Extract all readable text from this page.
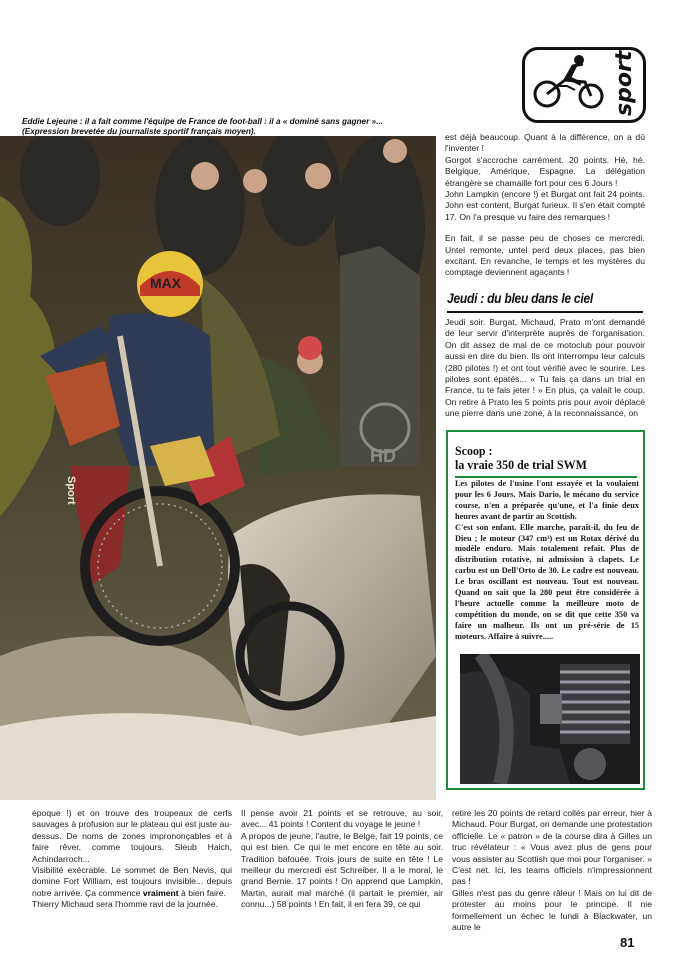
sport
Eddie Lejeune : il a fait comme l'équipe de France de foot-ball : il a « dominé sans gagner »...
(Expression brevetée du journaliste sportif français moyen).
MAX
Sport
HD

est déjà beaucoup. Quant à la différence, on a dû l'inventer !

Gorgot s'accroche carrément. 20 points. Hé, hé. Belgique, Amérique, Espagne. La délégation étrangère se chamaille fort pour ces 6 Jours !

John Lampkin (encore !) et Burgat ont fait 24 points. John est content, Burgat furieux. Il s'en était compté 17. On l'a presque vu faire des remarques !

En fait, il se passe peu de choses ce mercredi. Untel remonte, untel perd deux places, pas bien excitant. En revanche, le temps et les mystères du comptage deviennent agaçants !

Jeudi : du bleu dans le ciel

Jeudi soir. Burgat, Michaud, Prato m'ont demandé de leur servir d'interprète auprès de l'organisation. On dit assez de mal de ce motoclub pour pouvoir aussi en dire du bien. Ils ont interrompu leur calculs (280 pilotes !) et ont tout vérifié avec le sourire. Les pilotes sont épatés... « Tu fais ça dans un trial en France, tu te fais jeter ! » En plus, ça valait le coup. On retire à Prato les 5 points pris pour avoir déplacé une pierre dans une zone, à la reconnaissance, on

Scoop :
la vraie 350 de trial SWM
Les pilotes de l'usine l'ont essayée et la voulaient pour les 6 Jours. Mais Dario, le mécano du service course, n'en a préparée qu'une, et l'a finie deux heures avant de partir au Scottish.
C'est son enfant. Elle marche, paraît-il, du feu de Dieu ; le moteur (347 cm³) est un Rotax dérivé du modèle enduro. Mais totalement refait. Plus de distribution rotative, ni admission à clapets. Le carbu est un Dell'Orto de 30. Le cadre est nouveau. Le bras oscillant est nouveau. Tout est nouveau. Quand on sait que la 280 peut être considérée à l'heure actuelle comme la meilleure moto de compétition du monde, on se dit que cette 350 va faire un malheur. Ils ont un pré-série de 15 moteurs. Affaire à suivre.....

époque !) et on trouve des troupeaux de cerfs sauvages à profusion sur le plateau qui est juste au-dessus. De noms de zones imprononçables et à faire rêver, comme toujours. Sleub Haich, Achindarroch...

Visibilité exécrable. Le sommet de Ben Nevis, qui domine Fort William, est toujours invisible... depuis notre arrivée. Ça commence vraiment à bien faire.

Thierry Michaud sera l'homme ravi de la journée.

Il pense avoir 21 points et se retrouve, au soir, avec... 41 points ! Content du voyage le jeune !

A propos de jeune, l'autre, le Belge, fait 19 points, ce qui est bien. Ce qui le met encore en tête au soir. Tradition bafouée. Trois jours de suite en tête ! Le meilleur du mercredi est Schreiber. Il a le moral, le grand Bernie. 17 points ! On apprend que Lampkin, Martin, aurait mal marché (il partait le premier, air connu...) 58 points ! En fait, il en fera 39, ce qui

retire les 20 points de retard collés par erreur, hier à Michaud. Pour Burgat, on demande une protestation officielle. Le « patron » de la course dira à Gilles un truc révélateur : « Vous avez plus de gens pour vous assister au Scottish que moi pour l'organiser. » C'est net. Ici, les teams officiels n'impressionnent pas !

Gilles n'est pas du genre râleur ! Mais on lui dit de protester au moins pour le principe. Il nie formellement un échec le lundi à Blackwater, un autre le

81
